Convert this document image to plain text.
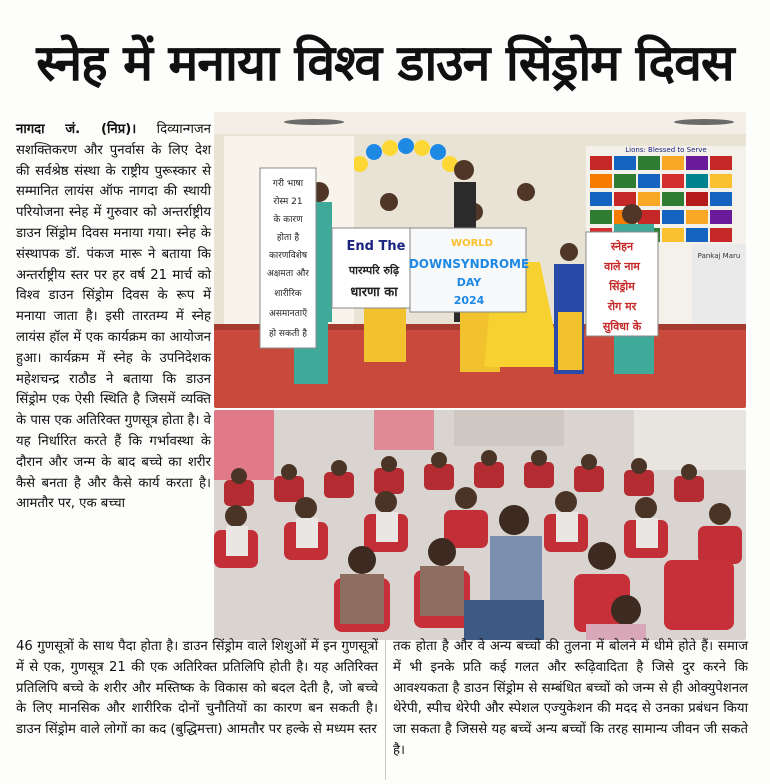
स्नेह में मनाया विश्व डाउन सिंड्रोम दिवस

नागदा जं. (निप्र)। दिव्यान्गजन सशक्तिकरण और पुनर्वास के लिए देश की सर्वश्रेष्ठ संस्था के राष्ट्रीय पुरूस्कार से सम्मानित लायंस ऑफ नागदा की स्थायी परियोजना स्नेह में गुरुवार को अन्तर्राष्ट्रीय डाउन सिंड्रोम दिवस मनाया गया। स्नेह के संस्थापक डॉ. पंकज मारू ने बताया कि अन्तर्राष्ट्रीय स्तर पर हर वर्ष 21 मार्च को विश्व डाउन सिंड्रोम दिवस के रूप में मनाया जाता है। इसी तारतम्य में स्नेह लायंस हॉल में एक कार्यक्रम का आयोजन हुआ। कार्यक्रम में स्नेह के उपनिदेशक महेशचन्द्र राठौड ने बताया कि डाउन सिंड्रोम एक ऐसी स्थिति है जिसमें व्यक्ति के पास एक अतिरिक्त गुणसूत्र होता है। वे यह निर्धारित करते हैं कि गर्भावस्था के दौरान और जन्म के बाद बच्चे का शरीर कैसे बनता है और कैसे कार्य करता है। आमतौर पर, एक बच्चा

Lions: Blessed to Serve
Pankaj Maru
गरी भाषा
रोस्म 21
के कारण
होता है
कारणविशेष
अक्षमता और
शारीरिक
असमानताएँ
हो सकती है
End The
पारम्परि रुढ़ि
धारणा का
WORLD
DOWNSYNDROME
DAY
2024
स्नेहन
वाले नाम
सिंड्रोम
रोग मर
सुविधा के

46 गुणसूत्रों के साथ पैदा होता है। डाउन सिंड्रोम वाले शिशुओं में इन गुणसूत्रों में से एक, गुणसूत्र 21 की एक अतिरिक्त प्रतिलिपि होती है। यह अतिरिक्त प्रतिलिपि बच्चे के शरीर और मस्तिष्क के विकास को बदल देती है, जो बच्चे के लिए मानसिक और शारीरिक दोनों चुनौतियों का कारण बन सकती है। डाउन सिंड्रोम वाले लोगों का कद (बुद्धिमत्ता) आमतौर पर हल्के से मध्यम स्तर

तक होता है और वे अन्य बच्चों की तुलना में बोलने में धीमे होते हैं। समाज में भी इनके प्रति कई गलत और रूढ़िवादिता है जिसे दुर करने कि आवश्यकता है डाउन सिंड्रोम से सम्बंधित बच्चों को जन्म से ही ओक्युपेशनल थेरेपी, स्पीच थेरेपी और स्पेशल एज्युकेशन की मदद से उनका प्रबंधन किया जा सकता है जिससे यह बच्चें अन्य बच्चों कि तरह सामान्य जीवन जी सकते है।
